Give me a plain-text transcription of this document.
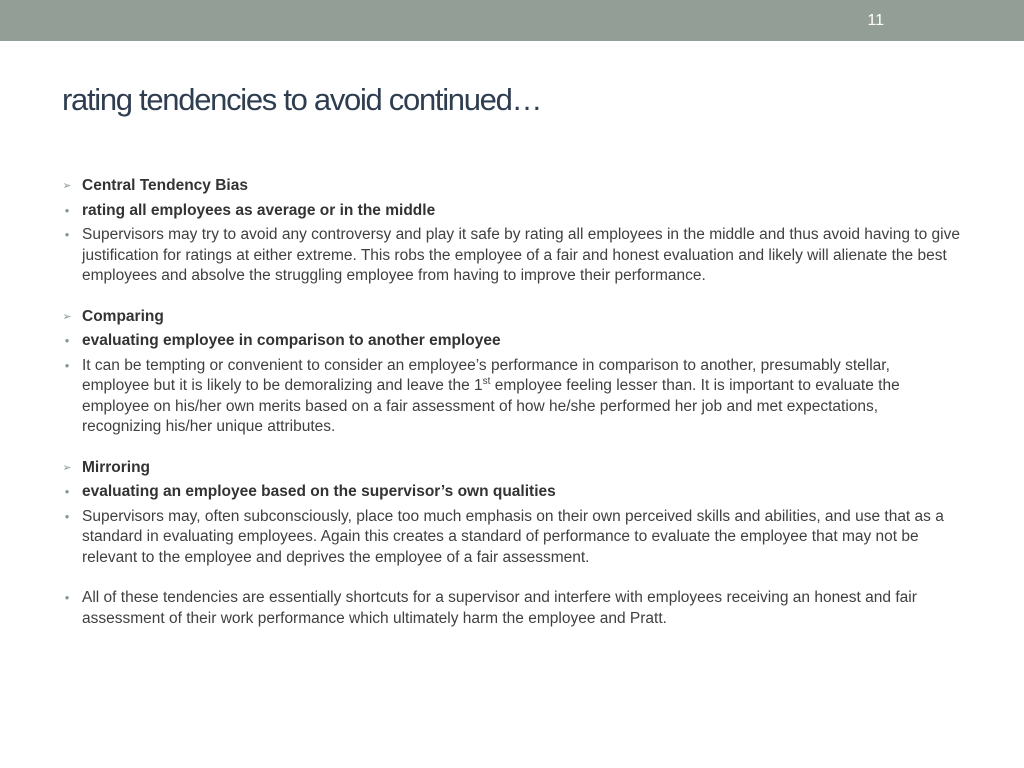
11
rating tendencies to avoid continued…
➢ Central Tendency Bias
• rating all employees as average or in the middle
• Supervisors may try to avoid any controversy and play it safe by rating all employees in the middle and thus avoid having to give justification for ratings at either extreme. This robs the employee of a fair and honest evaluation and likely will alienate the best employees and absolve the struggling employee from having to improve their performance.
➢ Comparing
• evaluating employee in comparison to another employee
• It can be tempting or convenient to consider an employee’s performance in comparison to another, presumably stellar, employee but it is likely to be demoralizing and leave the 1st employee feeling lesser than. It is important to evaluate the employee on his/her own merits based on a fair assessment of how he/she performed her job and met expectations, recognizing his/her unique attributes.
➢ Mirroring
• evaluating an employee based on the supervisor’s own qualities
• Supervisors may, often subconsciously, place too much emphasis on their own perceived skills and abilities, and use that as a standard in evaluating employees. Again this creates a standard of performance to evaluate the employee that may not be relevant to the employee and deprives the employee of a fair assessment.
• All of these tendencies are essentially shortcuts for a supervisor and interfere with employees receiving an honest and fair assessment of their work performance which ultimately harm the employee and Pratt.
